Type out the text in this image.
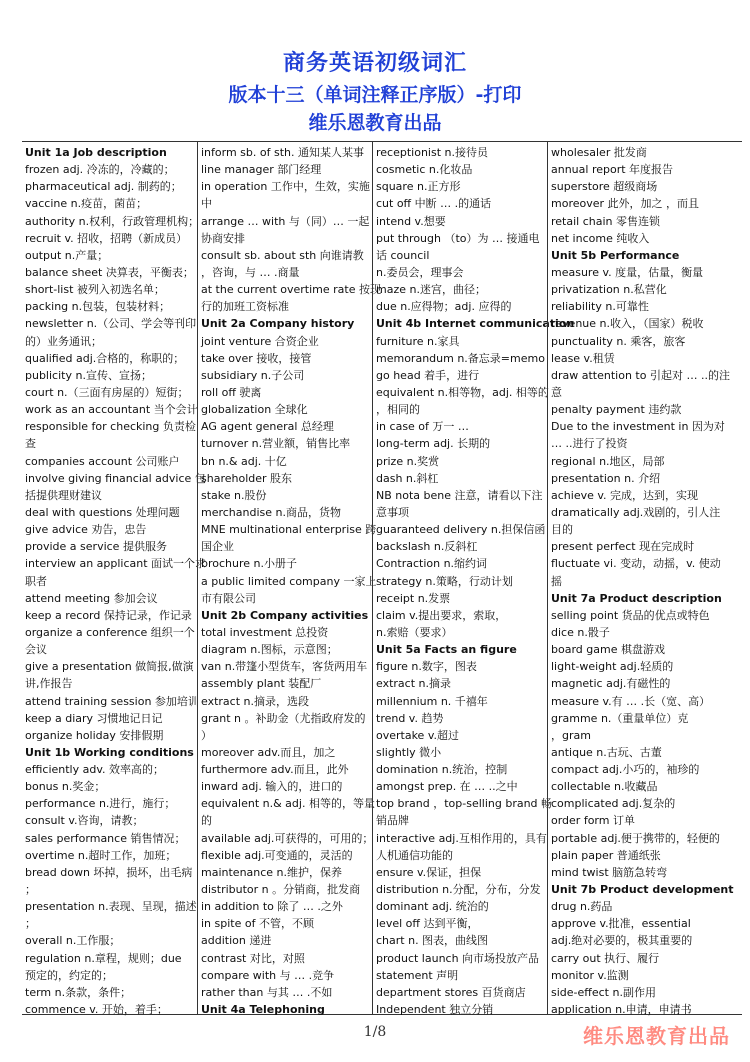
商务英语初级词汇
版本十三（单词注释正序版）-打印
维乐恩教育出品
Unit 1a Job description
frozen adj. 冷冻的，冷藏的；
pharmaceutical adj. 制药的；
vaccine n.疫苗，菌苗；
authority n.权利，行政管理机构；
recruit v. 招收，招聘（新成员）
output n.产量；
balance sheet 决算表，平衡表；
short-list 被列入初选名单；
packing n.包装，包装材料；
newsletter n.（公司、学会等刊印
的）业务通讯；
qualified adj.合格的，称职的；
publicity n.宣传、宣扬；
court n.（三面有房屋的）短街；
work as an accountant 当个会计
responsible for checking 负责检
查
companies account 公司账户
involve giving financial advice 包
括提供理财建议
deal with questions 处理问题
give advice 劝告，忠告
provide a service 提供服务
interview an applicant 面试一个求
职者
attend meeting 参加会议
keep a record 保持记录，作记录
organize a conference 组织一个
会议
give a presentation 做简报,做演
讲,作报告
attend training session 参加培训
keep a diary 习惯地记日记
organize holiday 安排假期
Unit 1b Working conditions
efficiently adv. 效率高的；
bonus n.奖金；
performance n.进行，施行；
consult v.咨询，请教；
sales performance 销售情况；
overtime n.超时工作，加班；
bread down 坏掉，损坏，出毛病
；
presentation n.表现、呈现，描述
；
overall n.工作服；
regulation n.章程，规则；due
预定的，约定的；
term n.条款，条件；
commence v. 开始，着手；
inform sb. of sth. 通知某人某事
line manager 部门经理
in operation 工作中，生效，实施
中
arrange … with 与（同）… 一起
协商安排
consult sb. about sth 向谁请教
，咨询，与 … .商量
at the current overtime rate 按现
行的加班工资标准
Unit 2a Company history
joint venture 合资企业
take over 接收，接管
subsidiary n.子公司
roll off 驶离
globalization 全球化
AG agent general 总经理
turnover n.营业额，销售比率
bn n.& adj. 十亿
shareholder 股东
stake n.股份
merchandise n.商品，货物
MNE multinational enterprise 跨
国企业
brochure n.小册子
a public limited company 一家上
市有限公司
Unit 2b Company activities
total investment 总投资
diagram n.图标，示意图；
van n.带篷小型货车，客货两用车
assembly plant 装配厂
extract n.摘录，选段
grant n 。补助金（尤指政府发的
）
moreover adv.而且，加之
furthermore adv.而且，此外
inward adj. 输入的，进口的
equivalent n.& adj. 相等的，等量
的
available adj.可获得的，可用的；
flexible adj.可变通的，灵活的
maintenance n.维护，保养
distributor n 。分销商，批发商
in addition to 除了 … .之外
in spite of 不管，不顾
addition 递进
contrast 对比，对照
compare with 与 … .竞争
rather than 与其 … .不如
Unit 4a Telephoning
receptionist n.接待员
cosmetic n.化妆品
square n.正方形
cut off 中断 … .的通话
intend v.想要
put through （to）为 … 接通电
话 council
n.委员会，理事会
maze n.迷宫，曲径；
due n.应得物；adj. 应得的
Unit 4b Internet communication
furniture n.家具
memorandum n.备忘录=memo
go head 着手，进行
equivalent n.相等物，adj. 相等的
，相同的
in case of 万一 …
long-term adj. 长期的
prize n.奖赏
dash n.斜杠
NB nota bene 注意，请看以下注
意事项
guaranteed delivery n.担保信函
backslash n.反斜杠
Contraction n.缩约词
strategy n.策略，行动计划
receipt n.发票
claim v.提出要求，索取，
n.索赔（要求）
Unit 5a Facts an figure
figure n.数字，图表
extract n.摘录
millennium n. 千禧年
trend v. 趋势
overtake v.超过
slightly 微小
domination n.统治，控制
amongst prep. 在 … ..之中
top brand ，top-selling brand 畅
销品牌
interactive adj.互相作用的，具有
人机通信功能的
ensure v.保证，担保
distribution n.分配，分布，分发
dominant adj. 统治的
level off 达到平衡，
chart n. 图表，曲线图
product launch 向市场投放产品
statement 声明
department stores 百货商店
Independent 独立分销
wholesaler 批发商
annual report 年度报告
superstore 超级商场
moreover 此外，加之 ，而且
retail chain 零售连锁
net income 纯收入
Unit 5b Performance
measure v. 度量，估量，衡量
privatization n.私营化
reliability n.可靠性
revenue n.收入，（国家）税收
punctuality n. 乘客，旅客
lease v.租赁
draw attention to 引起对 … ..的注
意
penalty payment 违约款
Due to the investment in 因为对
… ..进行了投资
regional n.地区，局部
presentation n. 介绍
achieve v. 完成，达到，实现
dramatically adj.戏剧的，引人注
目的
present perfect 现在完成时
fluctuate vi. 变动，动摇，v. 使动
摇
Unit 7a Product description
selling point 货品的优点或特色
dice n.骰子
board game 棋盘游戏
light-weight adj.轻质的
magnetic adj.有磁性的
measure v.有 … .长（宽、高）
gramme n.（重量单位）克
，gram
antique n.古玩、古董
compact adj.小巧的，袖珍的
collectable n.收藏品
complicated adj.复杂的
order form 订单
portable adj.便于携带的，轻便的
plain paper 普通纸张
mind twist 脑筋急转弯
Unit 7b Product development
drug n.药品
approve v.批准，essential
adj.绝对必要的，极其重要的
carry out 执行、履行
monitor v.监测
side-effect n.副作用
application n.申请，申请书
1/8	维乐恩教育出品
